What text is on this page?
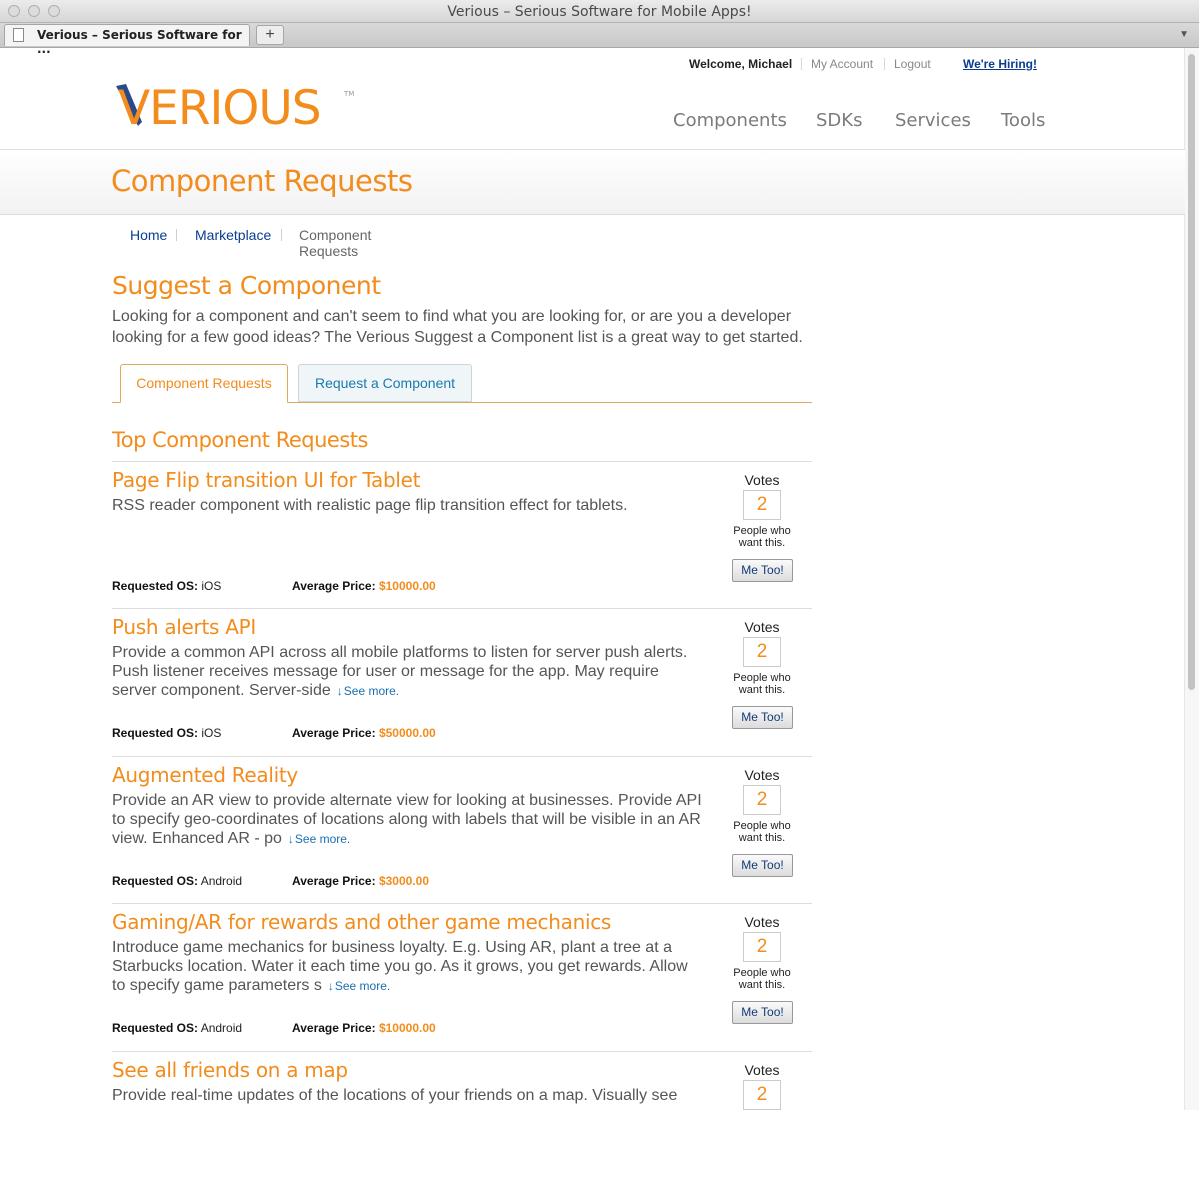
Verious – Serious Software for Mobile Apps!
Verious – Serious Software for ...
+	▼
Welcome, Michael My Account Logout	We're Hiring!
VERIOUS	TM
Components SDKs Services Tools
Component Requests
Home Marketplace Component Requests
Suggest a Component
Looking for a component and can't seem to find what you are looking for, or are you a developer looking for a few good ideas? The Verious Suggest a Component list is a great way to get started.
Component Requests	Request a Component
Top Component Requests
Page Flip transition UI for Tablet
RSS reader component with realistic page flip transition effect for tablets.
Requested OS: iOS	Average Price: $10000.00
Votes
2
People who want this.
Me Too!
Push alerts API
Provide a common API across all mobile platforms to listen for server push alerts. Push listener receives message for user or message for the app. May require server component. Server-side ↓See more.
Requested OS: iOS	Average Price: $50000.00
Votes
2
People who want this.
Me Too!
Augmented Reality
Provide an AR view to provide alternate view for looking at businesses. Provide API to specify geo-coordinates of locations along with labels that will be visible in an AR view. Enhanced AR - po ↓See more.
Requested OS: Android	Average Price: $3000.00
Votes
2
People who want this.
Me Too!
Gaming/AR for rewards and other game mechanics
Introduce game mechanics for business loyalty. E.g. Using AR, plant a tree at a Starbucks location. Water it each time you go. As it grows, you get rewards. Allow to specify game parameters s ↓See more.
Requested OS: Android	Average Price: $10000.00
Votes
2
People who want this.
Me Too!
See all friends on a map
Provide real-time updates of the locations of your friends on a map. Visually see
Votes
2
